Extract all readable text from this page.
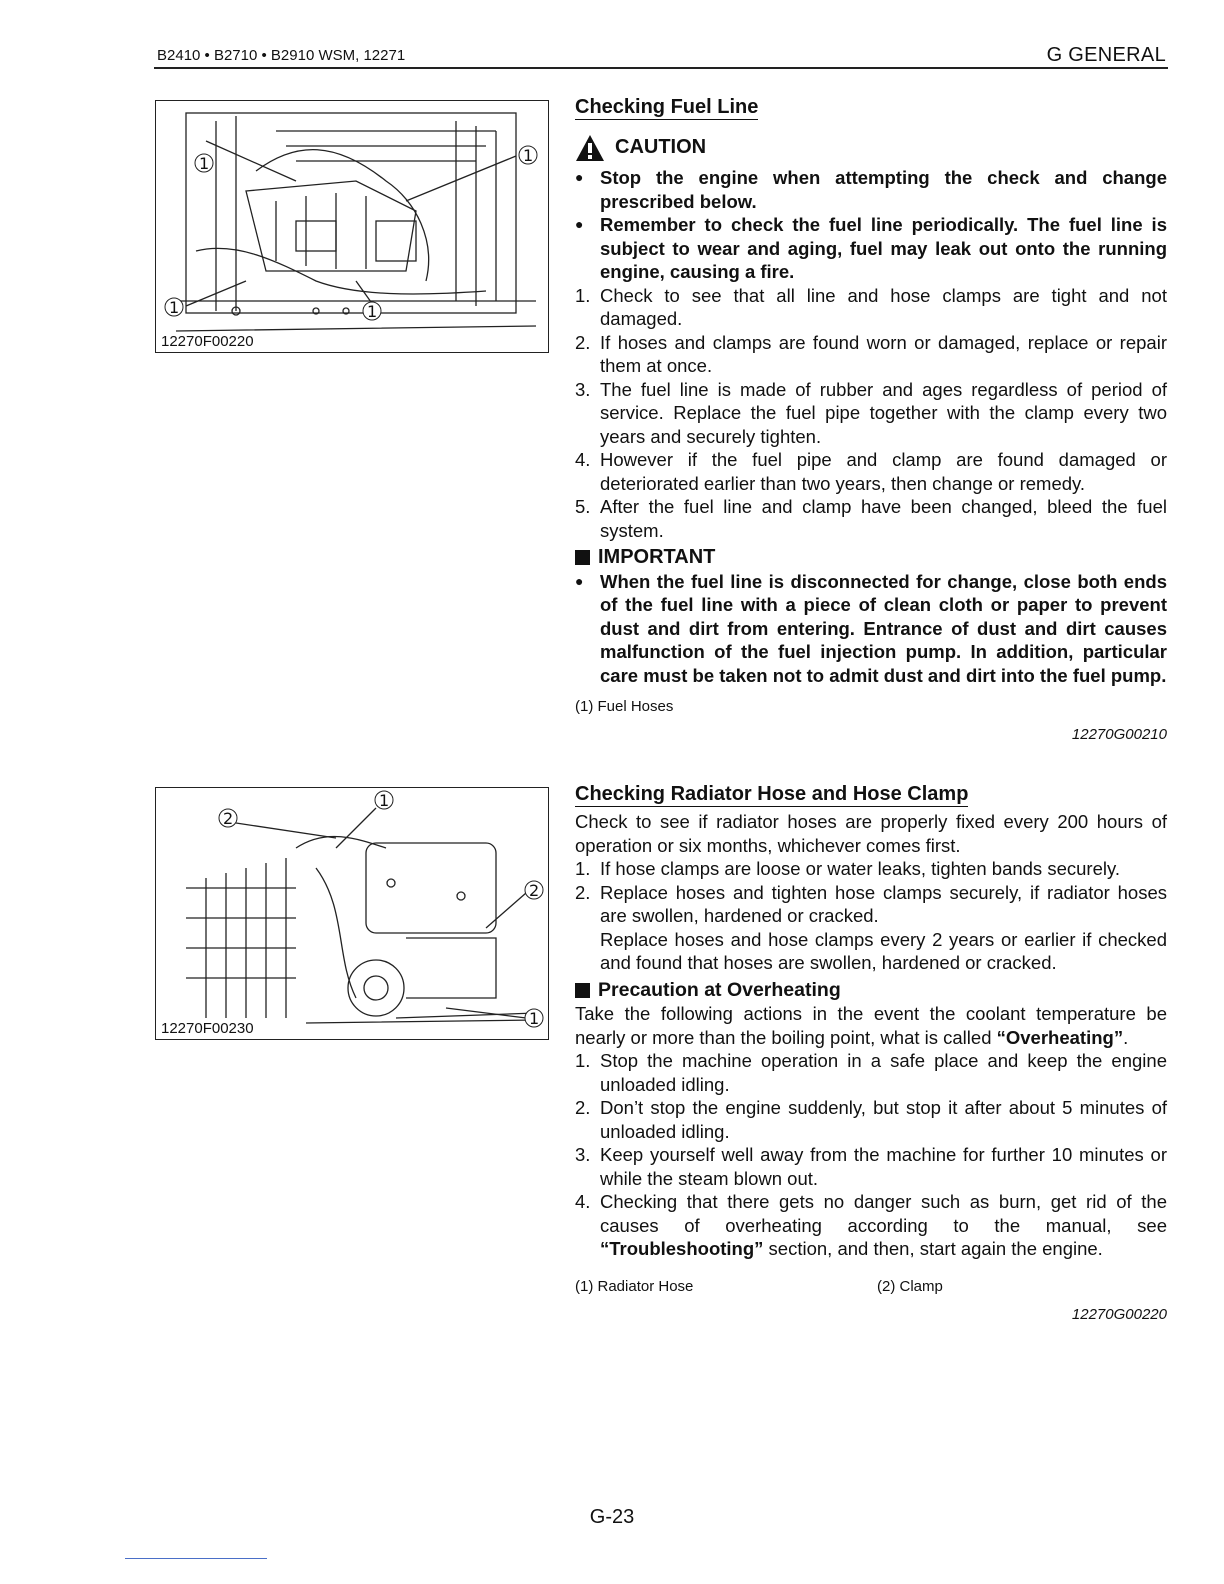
B2410 • B2710 • B2910 WSM, 12271	G GENERAL
1	1
1	1
12270F00220
2
1
2
1
12270F00230
Checking Fuel Line
CAUTION
● Stop the engine when attempting the check and change prescribed below.
● Remember to check the fuel line periodically. The fuel line is subject to wear and aging, fuel may leak out onto the running engine, causing a fire.
1. Check to see that all line and hose clamps are tight and not damaged.
2. If hoses and clamps are found worn or damaged, replace or repair them at once.
3. The fuel line is made of rubber and ages regardless of period of service. Replace the fuel pipe together with the clamp every two years and securely tighten.
4. However if the fuel pipe and clamp are found damaged or deteriorated earlier than two years, then change or remedy.
5. After the fuel line and clamp have been changed, bleed the fuel system.
IMPORTANT
● When the fuel line is disconnected for change, close both ends of the fuel line with a piece of clean cloth or paper to prevent dust and dirt from entering. Entrance of dust and dirt causes malfunction of the fuel injection pump. In addition, particular care must be taken not to admit dust and dirt into the fuel pump.
(1) Fuel Hoses
12270G00210
Checking Radiator Hose and Hose Clamp

Check to see if radiator hoses are properly fixed every 200 hours of operation or six months, whichever comes first.

1. If hose clamps are loose or water leaks, tighten bands securely.
2. Replace hoses and tighten hose clamps securely, if radiator hoses are swollen, hardened or cracked.
Replace hoses and hose clamps every 2 years or earlier if checked and found that hoses are swollen, hardened or cracked.
Precaution at Overheating

Take the following actions in the event the coolant temperature be nearly or more than the boiling point, what is called “Overheating”.

1. Stop the machine operation in a safe place and keep the engine unloaded idling.
2. Don’t stop the engine suddenly, but stop it after about 5 minutes of unloaded idling.
3. Keep yourself well away from the machine for further 10 minutes or while the steam blown out.
4. Checking that there gets no danger such as burn, get rid of the causes of overheating according to the manual, see “Troubleshooting” section, and then, start again the engine.
(1) Radiator Hose	(2) Clamp
12270G00220
G-23
